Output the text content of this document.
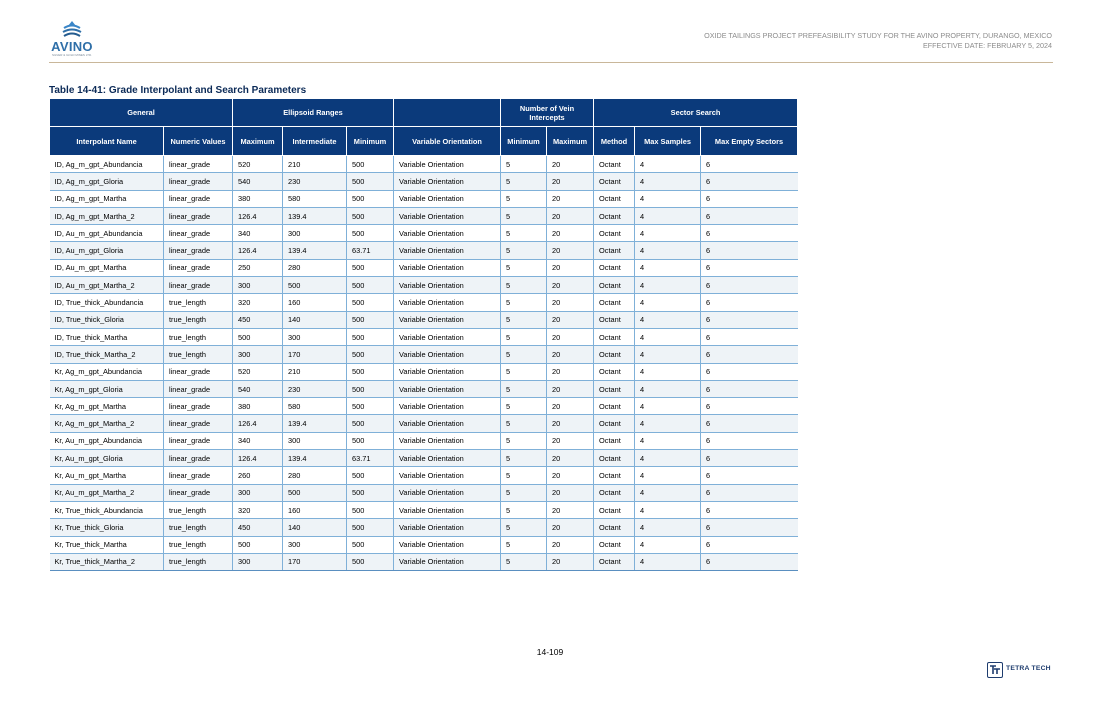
AVINO
SILVER & GOLD MINES LTD.
OXIDE TAILINGS PROJECT PREFEASIBILITY STUDY FOR THE AVINO PROPERTY, DURANGO, MEXICO
EFFECTIVE DATE: FEBRUARY 5, 2024
Table 14-41: Grade Interpolant and Search Parameters
General		Ellipsoid Ranges				Number of Vein Intercepts		Sector Search		
Interpolant Name	Numeric Values	Maximum	Intermediate	Minimum	Variable Orientation	Minimum	Maximum	Method	Max Samples	Max Empty Sectors
ID, Ag_m_gpt_Abundancia	linear_grade	520	210	500	Variable Orientation	5	20	Octant	4	6
ID, Ag_m_gpt_Gloria	linear_grade	540	230	500	Variable Orientation	5	20	Octant	4	6
ID, Ag_m_gpt_Martha	linear_grade	380	580	500	Variable Orientation	5	20	Octant	4	6
ID, Ag_m_gpt_Martha_2	linear_grade	126.4	139.4	500	Variable Orientation	5	20	Octant	4	6
ID, Au_m_gpt_Abundancia	linear_grade	340	300	500	Variable Orientation	5	20	Octant	4	6
ID, Au_m_gpt_Gloria	linear_grade	126.4	139.4	63.71	Variable Orientation	5	20	Octant	4	6
ID, Au_m_gpt_Martha	linear_grade	250	280	500	Variable Orientation	5	20	Octant	4	6
ID, Au_m_gpt_Martha_2	linear_grade	300	500	500	Variable Orientation	5	20	Octant	4	6
ID, True_thick_Abundancia	true_length	320	160	500	Variable Orientation	5	20	Octant	4	6
ID, True_thick_Gloria	true_length	450	140	500	Variable Orientation	5	20	Octant	4	6
ID, True_thick_Martha	true_length	500	300	500	Variable Orientation	5	20	Octant	4	6
ID, True_thick_Martha_2	true_length	300	170	500	Variable Orientation	5	20	Octant	4	6
Kr, Ag_m_gpt_Abundancia	linear_grade	520	210	500	Variable Orientation	5	20	Octant	4	6
Kr, Ag_m_gpt_Gloria	linear_grade	540	230	500	Variable Orientation	5	20	Octant	4	6
Kr, Ag_m_gpt_Martha	linear_grade	380	580	500	Variable Orientation	5	20	Octant	4	6
Kr, Ag_m_gpt_Martha_2	linear_grade	126.4	139.4	500	Variable Orientation	5	20	Octant	4	6
Kr, Au_m_gpt_Abundancia	linear_grade	340	300	500	Variable Orientation	5	20	Octant	4	6
Kr, Au_m_gpt_Gloria	linear_grade	126.4	139.4	63.71	Variable Orientation	5	20	Octant	4	6
Kr, Au_m_gpt_Martha	linear_grade	260	280	500	Variable Orientation	5	20	Octant	4	6
Kr, Au_m_gpt_Martha_2	linear_grade	300	500	500	Variable Orientation	5	20	Octant	4	6
Kr, True_thick_Abundancia	true_length	320	160	500	Variable Orientation	5	20	Octant	4	6
Kr, True_thick_Gloria	true_length	450	140	500	Variable Orientation	5	20	Octant	4	6
Kr, True_thick_Martha	true_length	500	300	500	Variable Orientation	5	20	Octant	4	6
Kr, True_thick_Martha_2	true_length	300	170	500	Variable Orientation	5	20	Octant	4	6
14-109
TETRA TECH
